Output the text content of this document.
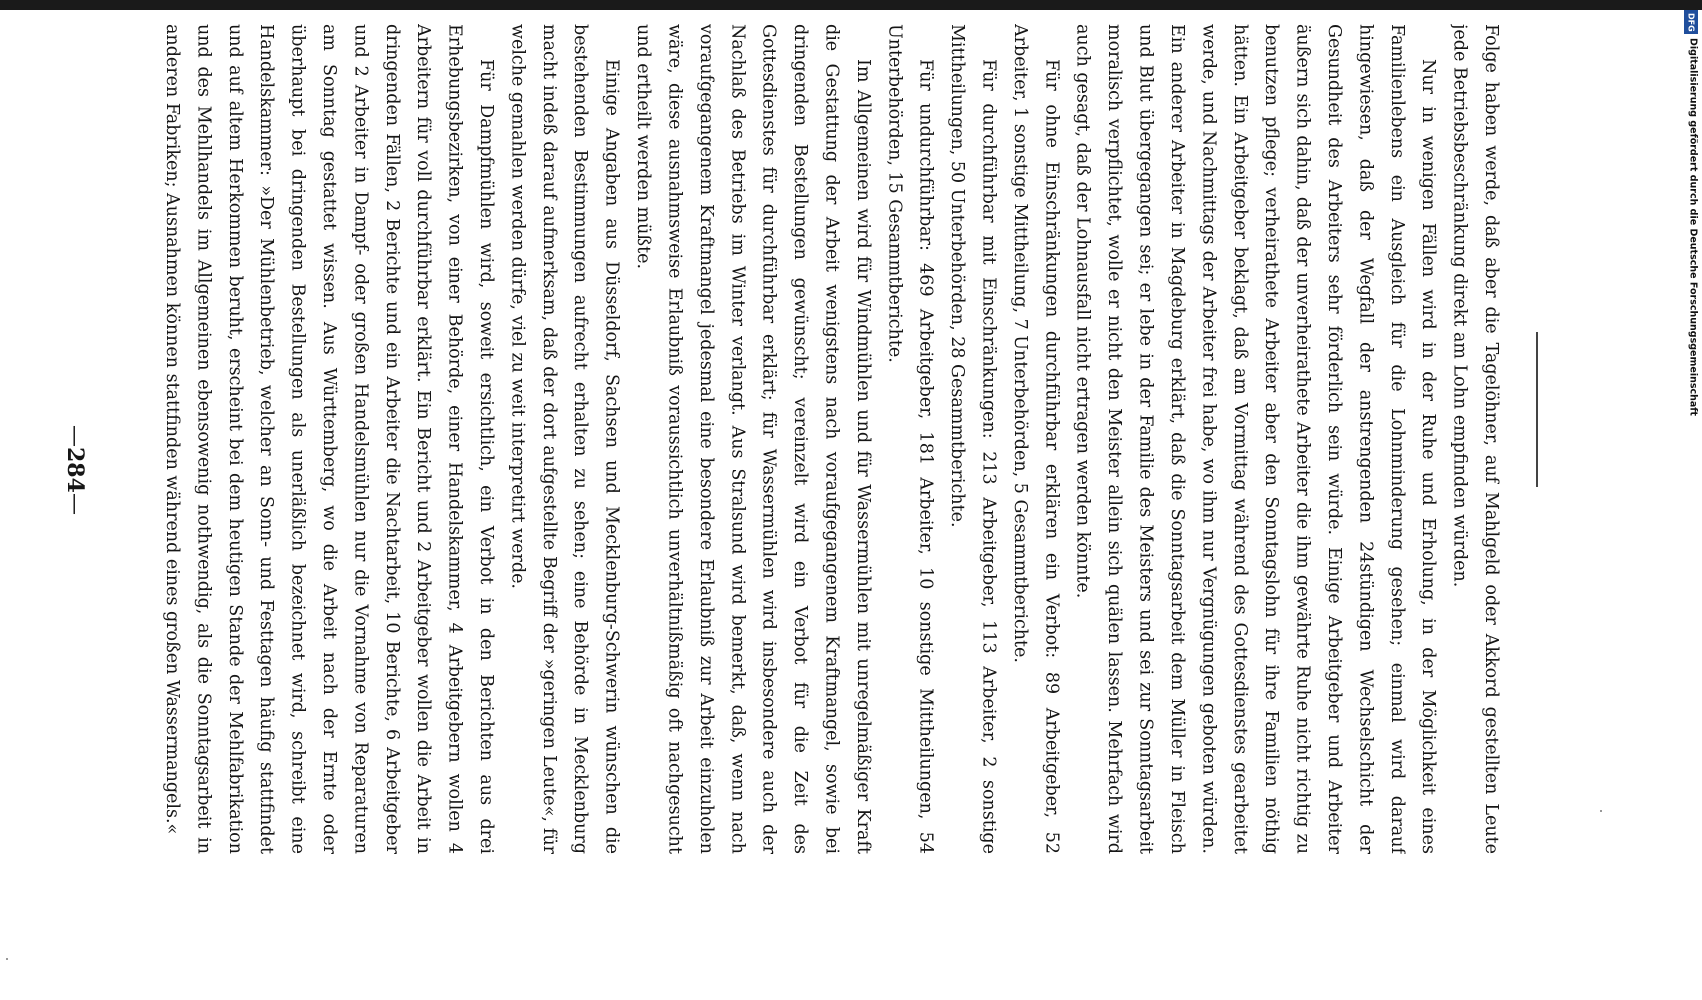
DFG
Digitalisierung gefördert durch die Deutsche Forschungsgemeinschaft
—
284
—	Folge haben werde, daß aber die Tagelöhner, auf Mahlgeld oder Akkord gestellten Leute jede Betriebsbeschränkung direkt am Lohn empfinden würden.

Nur in wenigen Fällen wird in der Ruhe und Erholung, in der Möglichkeit eines Familienlebens ein Ausgleich für die Lohnminderung gesehen; einmal wird darauf hingewiesen, daß der Wegfall der anstrengenden 24stündigen Wechselschicht der Gesundheit des Arbeiters sehr förderlich sein würde. Einige Arbeitgeber und Arbeiter äußern sich dahin, daß der unverheirathete Arbeiter die ihm gewährte Ruhe nicht richtig zu benutzen pflege; verheirathete Arbeiter aber den Sonntagslohn für ihre Familien nöthig hätten. Ein Arbeitgeber beklagt, daß am Vormittag während des Gottesdienstes gearbeitet werde, und Nachmittags der Arbeiter frei habe, wo ihm nur Vergnügungen geboten würden. Ein anderer Arbeiter in Magdeburg erklärt, daß die Sonntagsarbeit dem Müller in Fleisch und Blut übergegangen sei; er lebe in der Familie des Meisters und sei zur Sonntagsarbeit moralisch verpflichtet, wolle er nicht den Meister allein sich quälen lassen. Mehrfach wird auch gesagt, daß der Lohnausfall nicht ertragen werden könnte.

Für ohne Einschränkungen durchführbar erklären ein Verbot: 89 Arbeitgeber, 52 Arbeiter, 1 sonstige Mittheilung, 7 Unterbehörden, 5 Gesammtberichte.

Für durchführbar mit Einschränkungen: 213 Arbeitgeber, 113 Arbeiter, 2 sonstige Mittheilungen, 50 Unterbehörden, 28 Gesammtberichte.

Für undurchführbar: 469 Arbeitgeber, 181 Arbeiter, 10 sonstige Mittheilungen, 54 Unterbehörden, 15 Gesammtberichte.

Im Allgemeinen wird für Windmühlen und für Wassermühlen mit unregelmäßiger Kraft die Gestattung der Arbeit wenigstens nach voraufgegangenem Kraftmangel, sowie bei dringenden Bestellungen gewünscht; vereinzelt wird ein Verbot für die Zeit des Gottesdienstes für durchführbar erklärt; für Wassermühlen wird insbesondere auch der Nachlaß des Betriebs im Winter verlangt. Aus Stralsund wird bemerkt, daß, wenn nach voraufgegangenem Kraftmangel jedesmal eine besondere Erlaubniß zur Arbeit einzuholen wäre, diese ausnahmsweise Erlaubniß voraussichtlich unverhältnißmäßig oft nachgesucht und ertheilt werden müßte.

Einige Angaben aus Düsseldorf, Sachsen und Mecklenburg-Schwerin wünschen die bestehenden Bestimmungen aufrecht erhalten zu sehen; eine Behörde in Mecklenburg macht indeß darauf aufmerksam, daß der dort aufgestellte Begriff der »geringen Leute«, für welche gemahlen werden dürfe, viel zu weit interpretirt werde.

Für Dampfmühlen wird, soweit ersichtlich, ein Verbot in den Berichten aus drei Erhebungsbezirken, von einer Behörde, einer Handelskammer, 4 Arbeitgebern wollen 4 Arbeitern für voll durchführbar erklärt. Ein Bericht und 2 Arbeitgeber wollen die Arbeit in dringenden Fällen, 2 Berichte und ein Arbeiter die Nachtarbeit, 10 Berichte, 6 Arbeitgeber und 2 Arbeiter in Dampf- oder großen Handelsmühlen nur die Vornahme von Reparaturen am Sonntag gestattet wissen. Aus Württemberg, wo die Arbeit nach der Ernte oder überhaupt bei dringenden Bestellungen als unerläßlich bezeichnet wird, schreibt eine Handelskammer: »Der Mühlenbetrieb, welcher an Sonn- und Festtagen häufig stattfindet und auf altem Herkommen beruht, erscheint bei dem heutigen Stande der Mehlfabrikation und des Mehlhandels im Allgemeinen ebensowenig nothwendig, als die Sonntagsarbeit in anderen Fabriken; Ausnahmen können stattfinden während eines großen Wassermangels.«
